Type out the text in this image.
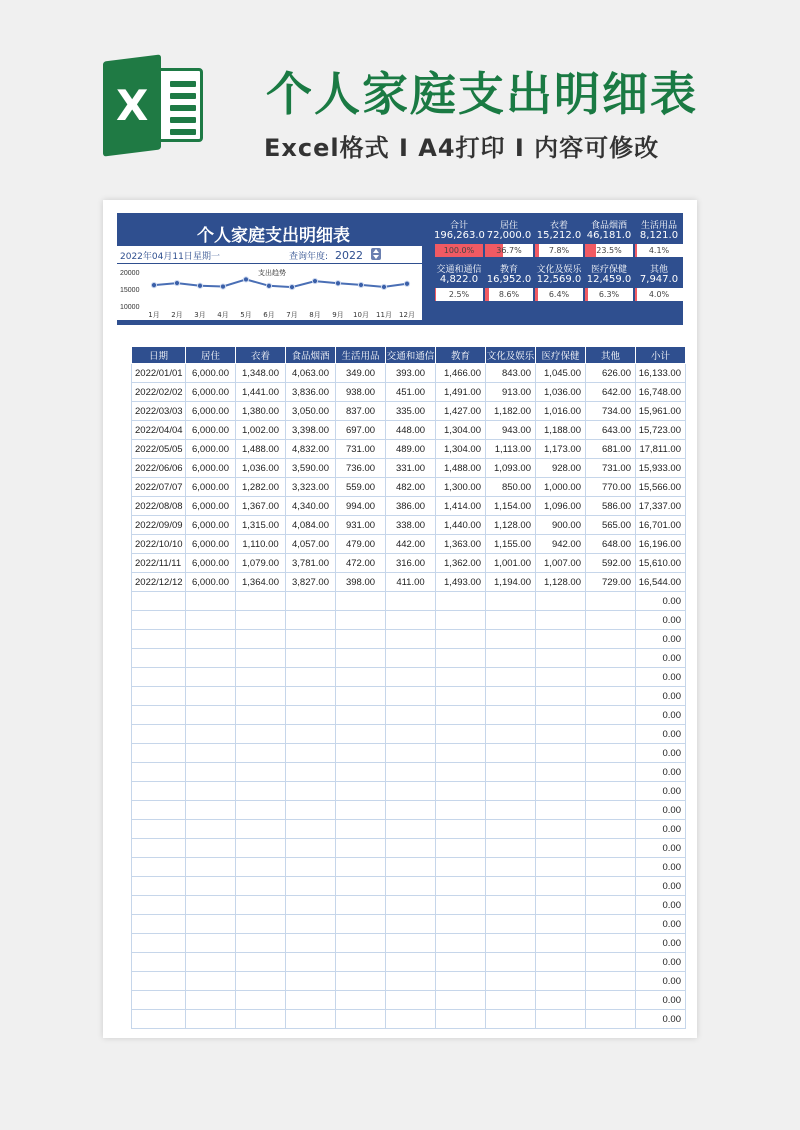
X	个人家庭支出明细表
Excel格式 Ⅰ A4打印 Ⅰ 内容可修改
个人家庭支出明细表
2022年04月11日 星期一	查询年度: 2022
20000
15000
10000
支出趋势
1月 2月 3月 4月 5月 6月 7月 8月 9月 10月 11月 12月
合计
196,263.0
100.0%
居住
72,000.0
36.7%
衣着
15,212.0
7.8%
食品烟酒
46,181.0
23.5%
生活用品
8,121.0
4.1%
交通和通信
4,822.0
2.5%
教育
16,952.0
8.6%
文化及娱乐
12,569.0
6.4%
医疗保健
12,459.0
6.3%
其他
7,947.0
4.0%
日期	居住	衣着	食品烟酒	生活用品	交通和通信	教育	文化及娱乐	医疗保健	其他	小计
2022/01/01	6,000.00	1,348.00	4,063.00	349.00	393.00	1,466.00	843.00	1,045.00	626.00	16,133.00
2022/02/02	6,000.00	1,441.00	3,836.00	938.00	451.00	1,491.00	913.00	1,036.00	642.00	16,748.00
2022/03/03	6,000.00	1,380.00	3,050.00	837.00	335.00	1,427.00	1,182.00	1,016.00	734.00	15,961.00
2022/04/04	6,000.00	1,002.00	3,398.00	697.00	448.00	1,304.00	943.00	1,188.00	643.00	15,723.00
2022/05/05	6,000.00	1,488.00	4,832.00	731.00	489.00	1,304.00	1,113.00	1,173.00	681.00	17,811.00
2022/06/06	6,000.00	1,036.00	3,590.00	736.00	331.00	1,488.00	1,093.00	928.00	731.00	15,933.00
2022/07/07	6,000.00	1,282.00	3,323.00	559.00	482.00	1,300.00	850.00	1,000.00	770.00	15,566.00
2022/08/08	6,000.00	1,367.00	4,340.00	994.00	386.00	1,414.00	1,154.00	1,096.00	586.00	17,337.00
2022/09/09	6,000.00	1,315.00	4,084.00	931.00	338.00	1,440.00	1,128.00	900.00	565.00	16,701.00
2022/10/10	6,000.00	1,110.00	4,057.00	479.00	442.00	1,363.00	1,155.00	942.00	648.00	16,196.00
2022/11/11	6,000.00	1,079.00	3,781.00	472.00	316.00	1,362.00	1,001.00	1,007.00	592.00	15,610.00
2022/12/12	6,000.00	1,364.00	3,827.00	398.00	411.00	1,493.00	1,194.00	1,128.00	729.00	16,544.00
										0.00
										0.00
										0.00
										0.00
										0.00
										0.00
										0.00
										0.00
										0.00
										0.00
										0.00
										0.00
										0.00
										0.00
										0.00
										0.00
										0.00
										0.00
										0.00
										0.00
										0.00
										0.00
										0.00
